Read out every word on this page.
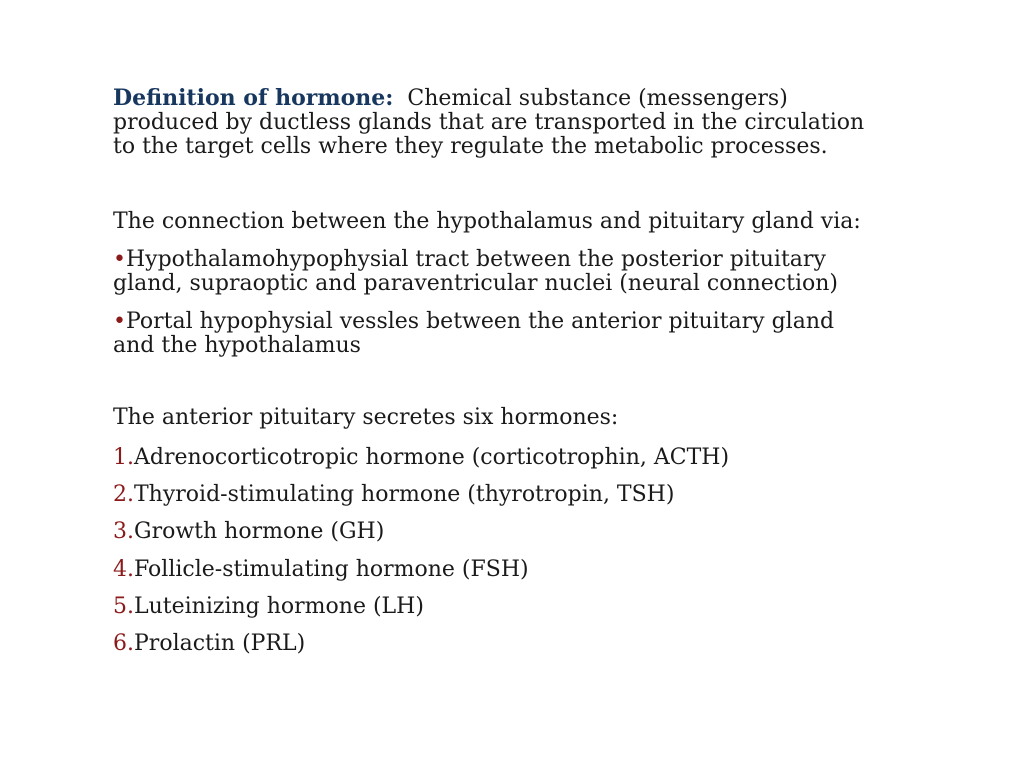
Definition of hormone: Chemical substance (messengers)
produced by ductless glands that are transported in the circulation
to the target cells where they regulate the metabolic processes.
The connection between the hypothalamus and pituitary gland via:
•Hypothalamohypophysial tract between the posterior pituitary
gland, supraoptic and paraventricular nuclei (neural connection)
•Portal hypophysial vessles between the anterior pituitary gland
and the hypothalamus
The anterior pituitary secretes six hormones:
1.Adrenocorticotropic hormone (corticotrophin, ACTH)
2.Thyroid-stimulating hormone (thyrotropin, TSH)
3.Growth hormone (GH)
4.Follicle-stimulating hormone (FSH)
5.Luteinizing hormone (LH)
6.Prolactin (PRL)
